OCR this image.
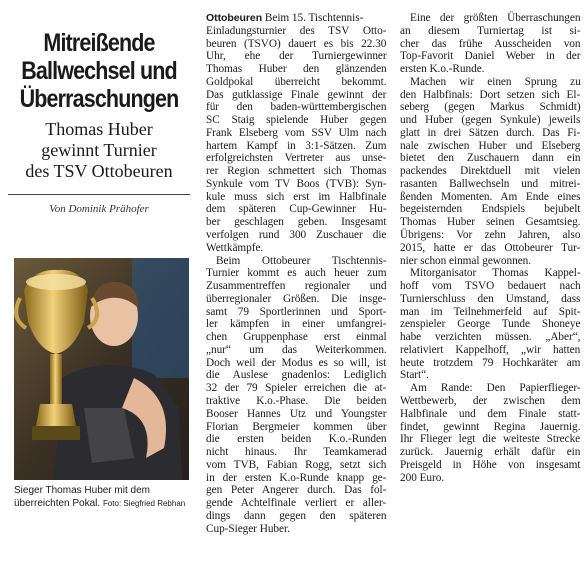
Mitreißende
Ballwechsel und
Überraschungen
Thomas Huber
gewinnt Turnier
des TSV Ottobeuren
Von Dominik Prähofer
Sieger Thomas Huber mit dem überreichten Pokal. Foto: Siegfried Rebhan
Ottobeuren Beim 15. Tischtennis-
Einladungsturnier des TSV Otto-
beuren (TSVO) dauert es bis 22.30
Uhr, ehe der Turniergewinner
Thomas Huber den glänzenden
Goldpokal überreicht bekommt.
Das gutklassige Finale gewinnt der
für den baden-württembergischen
SC Staig spielende Huber gegen
Frank Elseberg vom SSV Ulm nach
hartem Kampf in 3:1-Sätzen. Zum
erfolgreichsten Vertreter aus unse-
rer Region schmettert sich Thomas
Synkule vom TV Boos (TVB): Syn-
kule muss sich erst im Halbfinale
dem späteren Cup-Gewinner Hu-
ber geschlagen geben. Insgesamt
verfolgen rund 300 Zuschauer die
Wettkämpfe.
Beim Ottobeurer Tischtennis-
Turnier kommt es auch heuer zum
Zusammentreffen regionaler und
überregionaler Größen. Die insge-
samt 79 Sportlerinnen und Sport-
ler kämpfen in einer umfangrei-
chen Gruppenphase erst einmal
„nur“ um das Weiterkommen.
Doch weil der Modus es so will, ist
die Auslese gnadenlos: Lediglich
32 der 79 Spieler erreichen die at-
traktive K.o.-Phase. Die beiden
Booser Hannes Utz und Youngster
Florian Bergmeier kommen über
die ersten beiden K.o.-Runden
nicht hinaus. Ihr Teamkamerad
vom TVB, Fabian Rogg, setzt sich
in der ersten K.o-Runde knapp ge-
gen Peter Angerer durch. Das fol-
gende Achtelfinale verliert er aller-
dings dann gegen den späteren
Cup-Sieger Huber.
Eine der größten Überraschungen
an diesem Turniertag ist si-
cher das frühe Ausscheiden von
Top-Favorit Daniel Weber in der
ersten K.o.-Runde.
Machen wir einen Sprung zu
den Halbfinals: Dort setzen sich El-
seberg (gegen Markus Schmidt)
und Huber (gegen Synkule) jeweils
glatt in drei Sätzen durch. Das Fi-
nale zwischen Huber und Elseberg
bietet den Zuschauern dann ein
packendes Direktduell mit vielen
rasanten Ballwechseln und mitrei-
ßenden Momenten. Am Ende eines
begeisternden Endspiels bejubelt
Thomas Huber seinen Gesamtsieg.
Übrigens: Vor zehn Jahren, also
2015, hatte er das Ottobeurer Tur-
nier schon einmal gewonnen.
Mitorganisator Thomas Kappel-
hoff vom TSVO bedauert nach
Turnierschluss den Umstand, dass
man im Teilnehmerfeld auf Spit-
zenspieler George Tunde Shoneye
habe verzichten müssen. „Aber“,
relativiert Kappelhoff, „wir hatten
heute trotzdem 79 Hochkaräter am
Start“.
Am Rande: Den Papierflieger-
Wettbewerb, der zwischen dem
Halbfinale und dem Finale statt-
findet, gewinnt Regina Jauernig.
Ihr Flieger legt die weiteste Strecke
zurück. Jauernig erhält dafür ein
Preisgeld in Höhe von insgesamt
200 Euro.
